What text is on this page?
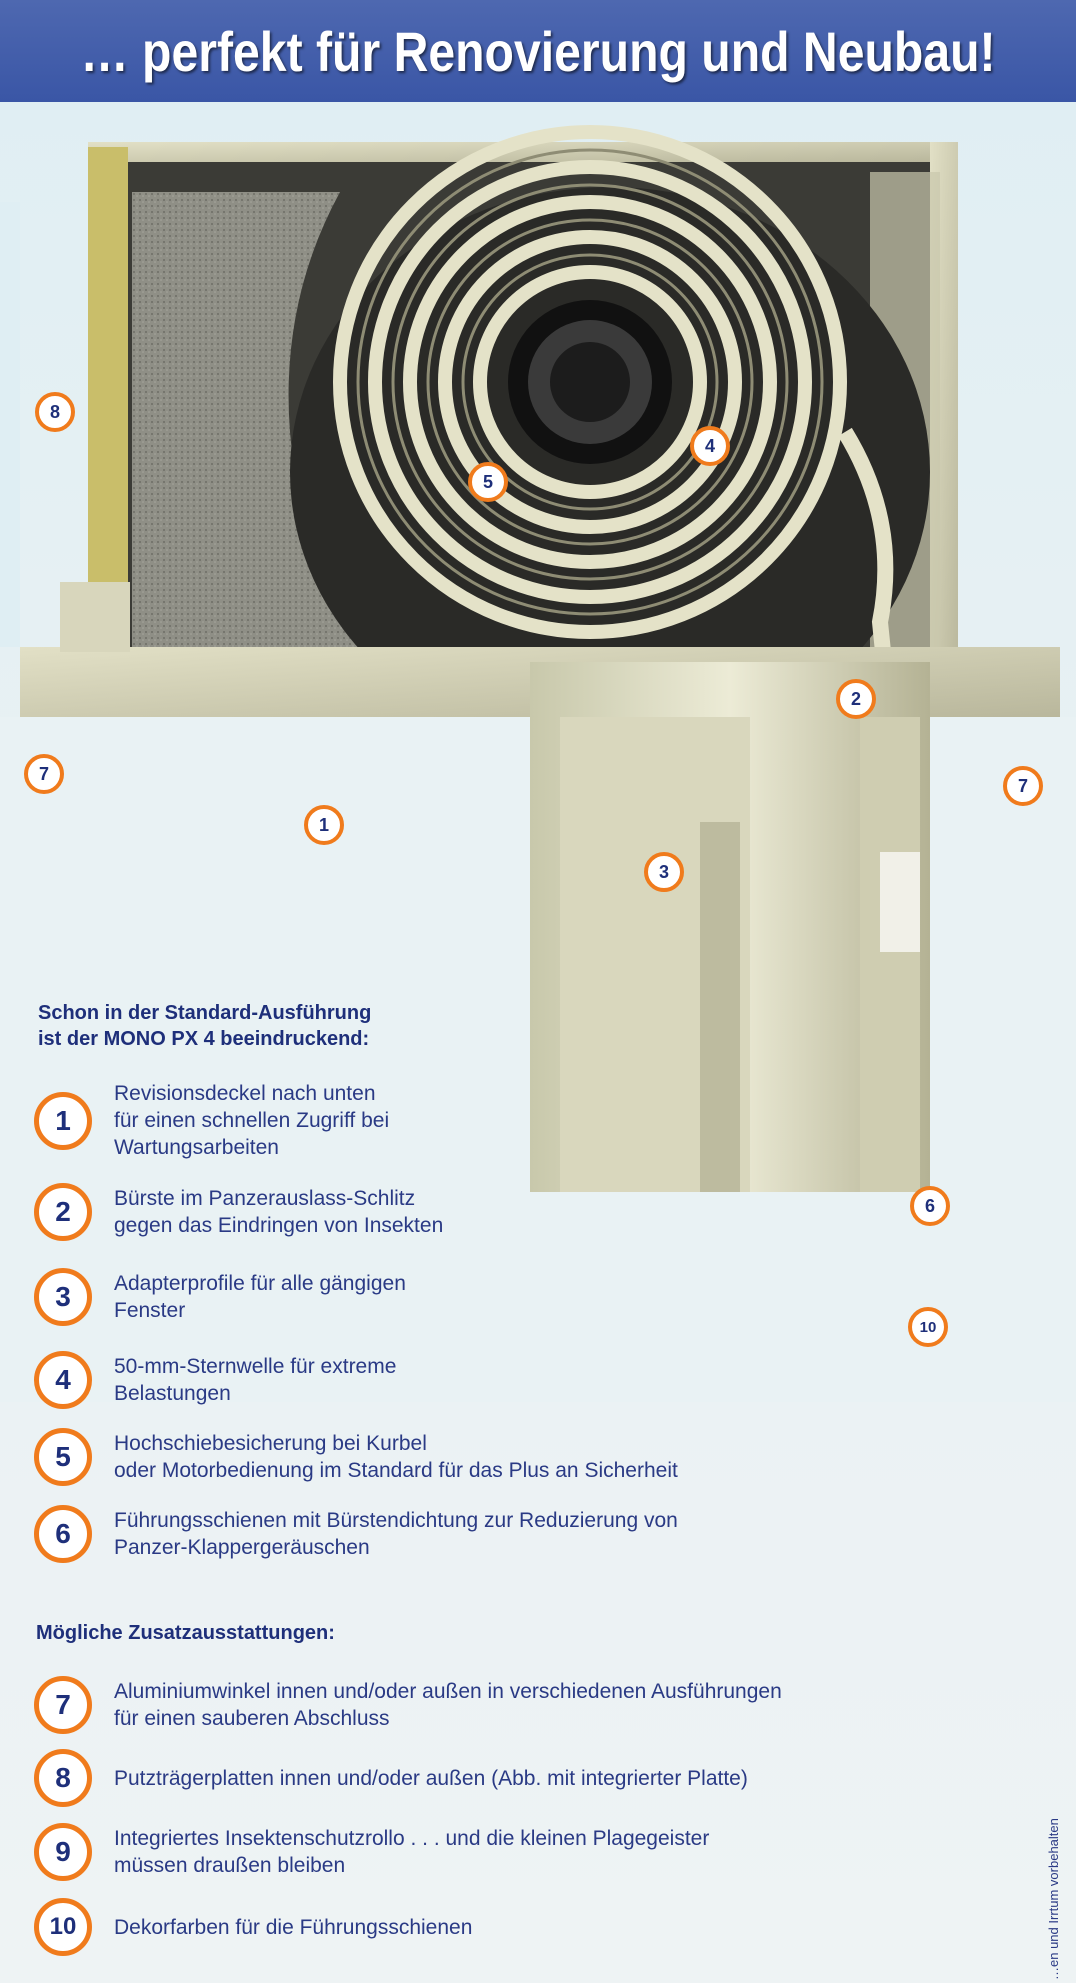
… perfekt für Renovierung und Neubau!
8
4
5
2
7
7
1
3
6
10
Schon in der Standard-Ausführung
ist der MONO PX 4 beeindruckend:
1
Revisionsdeckel nach unten
für einen schnellen Zugriff bei
Wartungsarbeiten
2	Bürste im Panzerauslass-Schlitz
gegen das Eindringen von Insekten
3	Adapterprofile für alle gängigen
Fenster
4	50-mm-Sternwelle für extreme
Belastungen
5	Hochschiebesicherung bei Kurbel
oder Motorbedienung im Standard für das Plus an Sicherheit
6	Führungsschienen mit Bürstendichtung zur Reduzierung von
Panzer-Klappergeräuschen
Mögliche Zusatzausstattungen:
7	Aluminiumwinkel innen und/oder außen in verschiedenen Ausführungen
für einen sauberen Abschluss
8	Putzträgerplatten innen und/oder außen (Abb. mit integrierter Platte)
9	Integriertes Insektenschutzrollo . . . und die kleinen Plagegeister
müssen draußen bleiben
10	Dekorfarben für die Führungsschienen	…en und Irrtum vorbehalten
